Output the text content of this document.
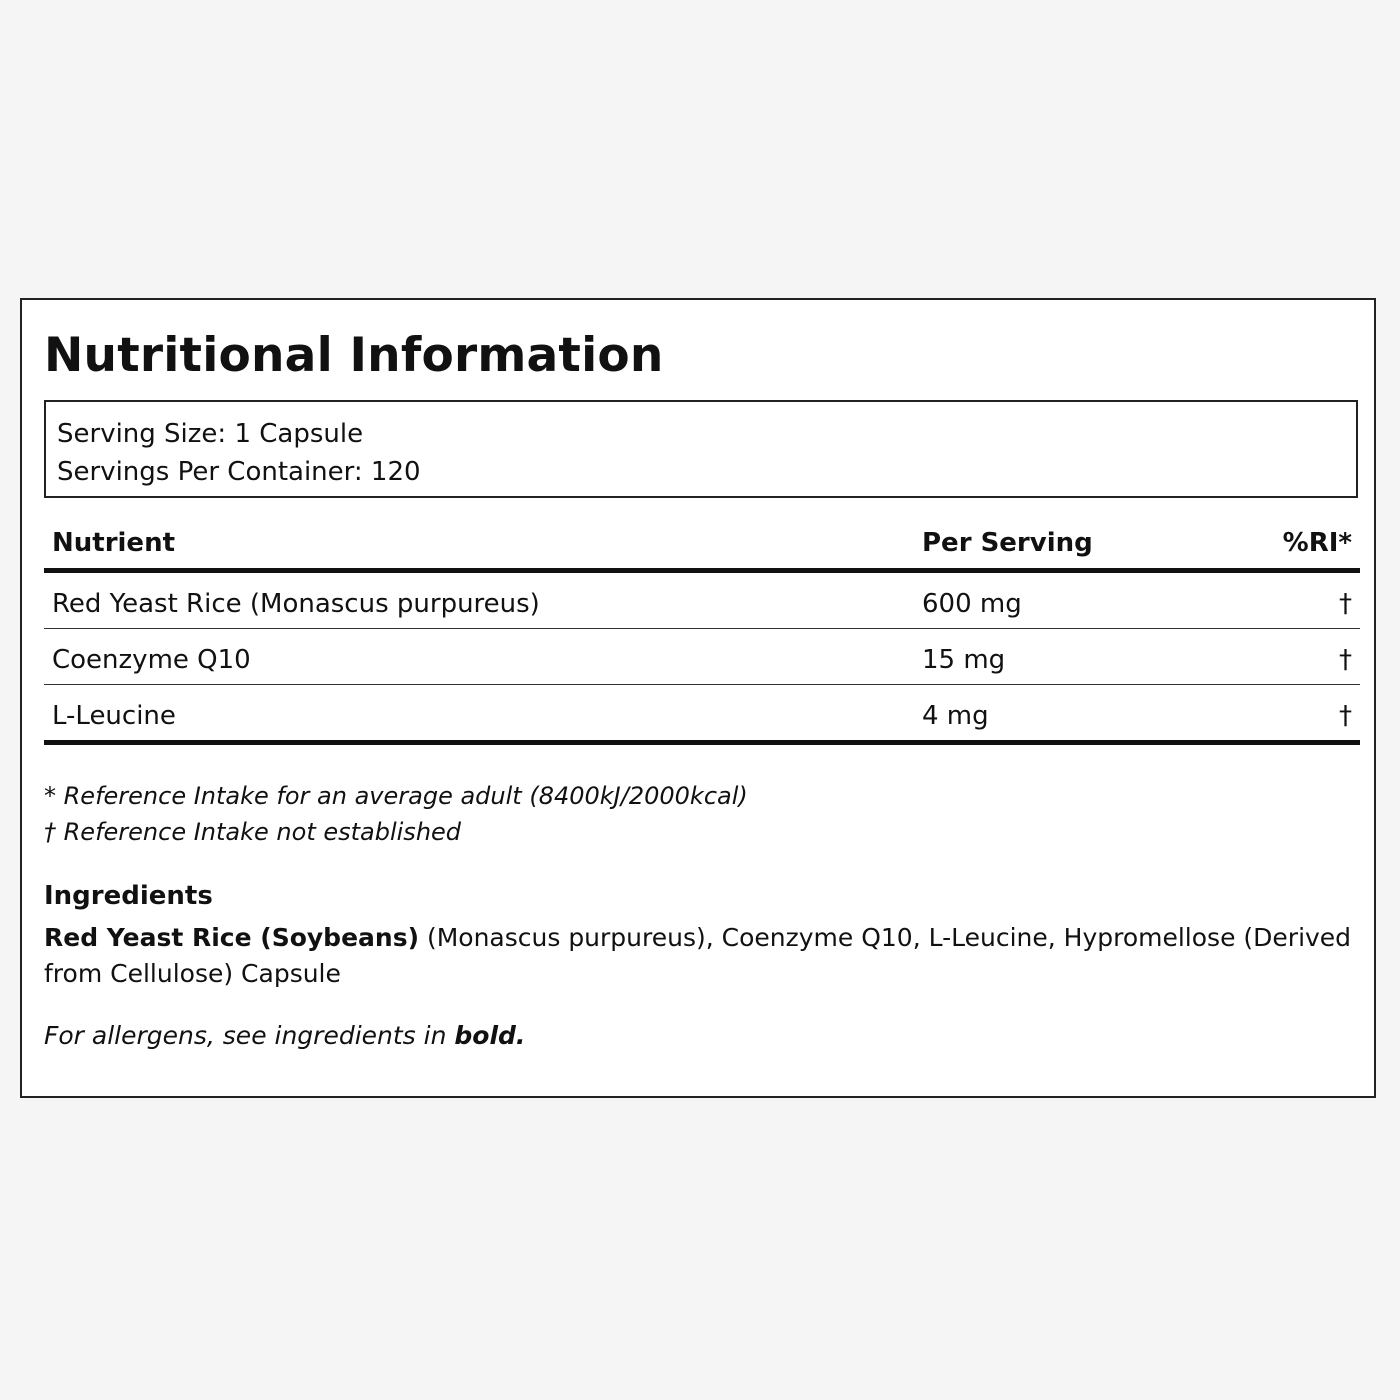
Nutritional Information
Serving Size: 1 Capsule
Servings Per Container: 120
Nutrient	Per Serving	%RI*
Red Yeast Rice (Monascus purpureus)	600 mg	†
Coenzyme Q10	15 mg	†
L-Leucine	4 mg	†
* Reference Intake for an average adult (8400kJ/2000kcal)
† Reference Intake not established
Ingredients

Red Yeast Rice (Soybeans) (Monascus purpureus), Coenzyme Q10, L-Leucine, Hypromellose (Derived from Cellulose) Capsule

For allergens, see ingredients in bold.
